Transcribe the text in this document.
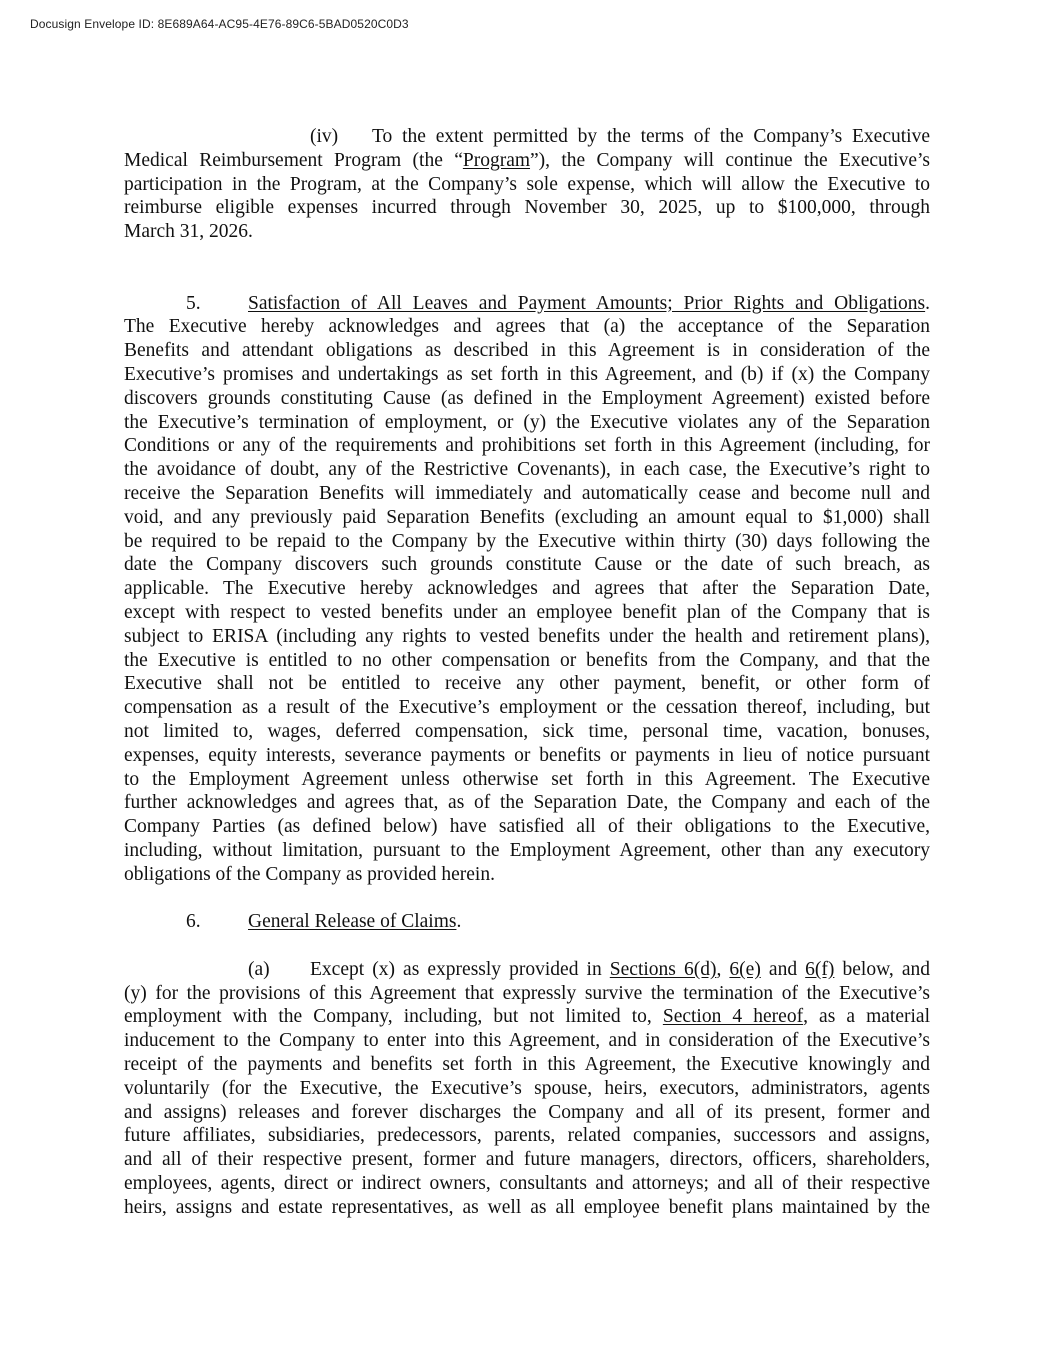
Docusign Envelope ID: 8E689A64-AC95-4E76-89C6-5BAD0520C0D3
(iv) To the extent permitted by the terms of the Company’s Executive
Medical Reimbursement Program (the “Program”), the Company will continue the Executive’s
participation in the Program, at the Company’s sole expense, which will allow the Executive to
reimburse eligible expenses incurred through November 30, 2025, up to $100,000, through
March 31, 2026.
5. Satisfaction of All Leaves and Payment Amounts; Prior Rights and Obligations.
The Executive hereby acknowledges and agrees that (a) the acceptance of the Separation
Benefits and attendant obligations as described in this Agreement is in consideration of the
Executive’s promises and undertakings as set forth in this Agreement, and (b) if (x) the Company
discovers grounds constituting Cause (as defined in the Employment Agreement) existed before
the Executive’s termination of employment, or (y) the Executive violates any of the Separation
Conditions or any of the requirements and prohibitions set forth in this Agreement (including, for
the avoidance of doubt, any of the Restrictive Covenants), in each case, the Executive’s right to
receive the Separation Benefits will immediately and automatically cease and become null and
void, and any previously paid Separation Benefits (excluding an amount equal to $1,000) shall
be required to be repaid to the Company by the Executive within thirty (30) days following the
date the Company discovers such grounds constitute Cause or the date of such breach, as
applicable. The Executive hereby acknowledges and agrees that after the Separation Date,
except with respect to vested benefits under an employee benefit plan of the Company that is
subject to ERISA (including any rights to vested benefits under the health and retirement plans),
the Executive is entitled to no other compensation or benefits from the Company, and that the
Executive shall not be entitled to receive any other payment, benefit, or other form of
compensation as a result of the Executive’s employment or the cessation thereof, including, but
not limited to, wages, deferred compensation, sick time, personal time, vacation, bonuses,
expenses, equity interests, severance payments or benefits or payments in lieu of notice pursuant
to the Employment Agreement unless otherwise set forth in this Agreement. The Executive
further acknowledges and agrees that, as of the Separation Date, the Company and each of the
Company Parties (as defined below) have satisfied all of their obligations to the Executive,
including, without limitation, pursuant to the Employment Agreement, other than any executory
obligations of the Company as provided herein.
6. General Release of Claims.
(a) Except (x) as expressly provided in Sections 6(d), 6(e) and 6(f) below, and
(y) for the provisions of this Agreement that expressly survive the termination of the Executive’s
employment with the Company, including, but not limited to, Section 4 hereof, as a material
inducement to the Company to enter into this Agreement, and in consideration of the Executive’s
receipt of the payments and benefits set forth in this Agreement, the Executive knowingly and
voluntarily (for the Executive, the Executive’s spouse, heirs, executors, administrators, agents
and assigns) releases and forever discharges the Company and all of its present, former and
future affiliates, subsidiaries, predecessors, parents, related companies, successors and assigns,
and all of their respective present, former and future managers, directors, officers, shareholders,
employees, agents, direct or indirect owners, consultants and attorneys; and all of their respective
heirs, assigns and estate representatives, as well as all employee benefit plans maintained by the
